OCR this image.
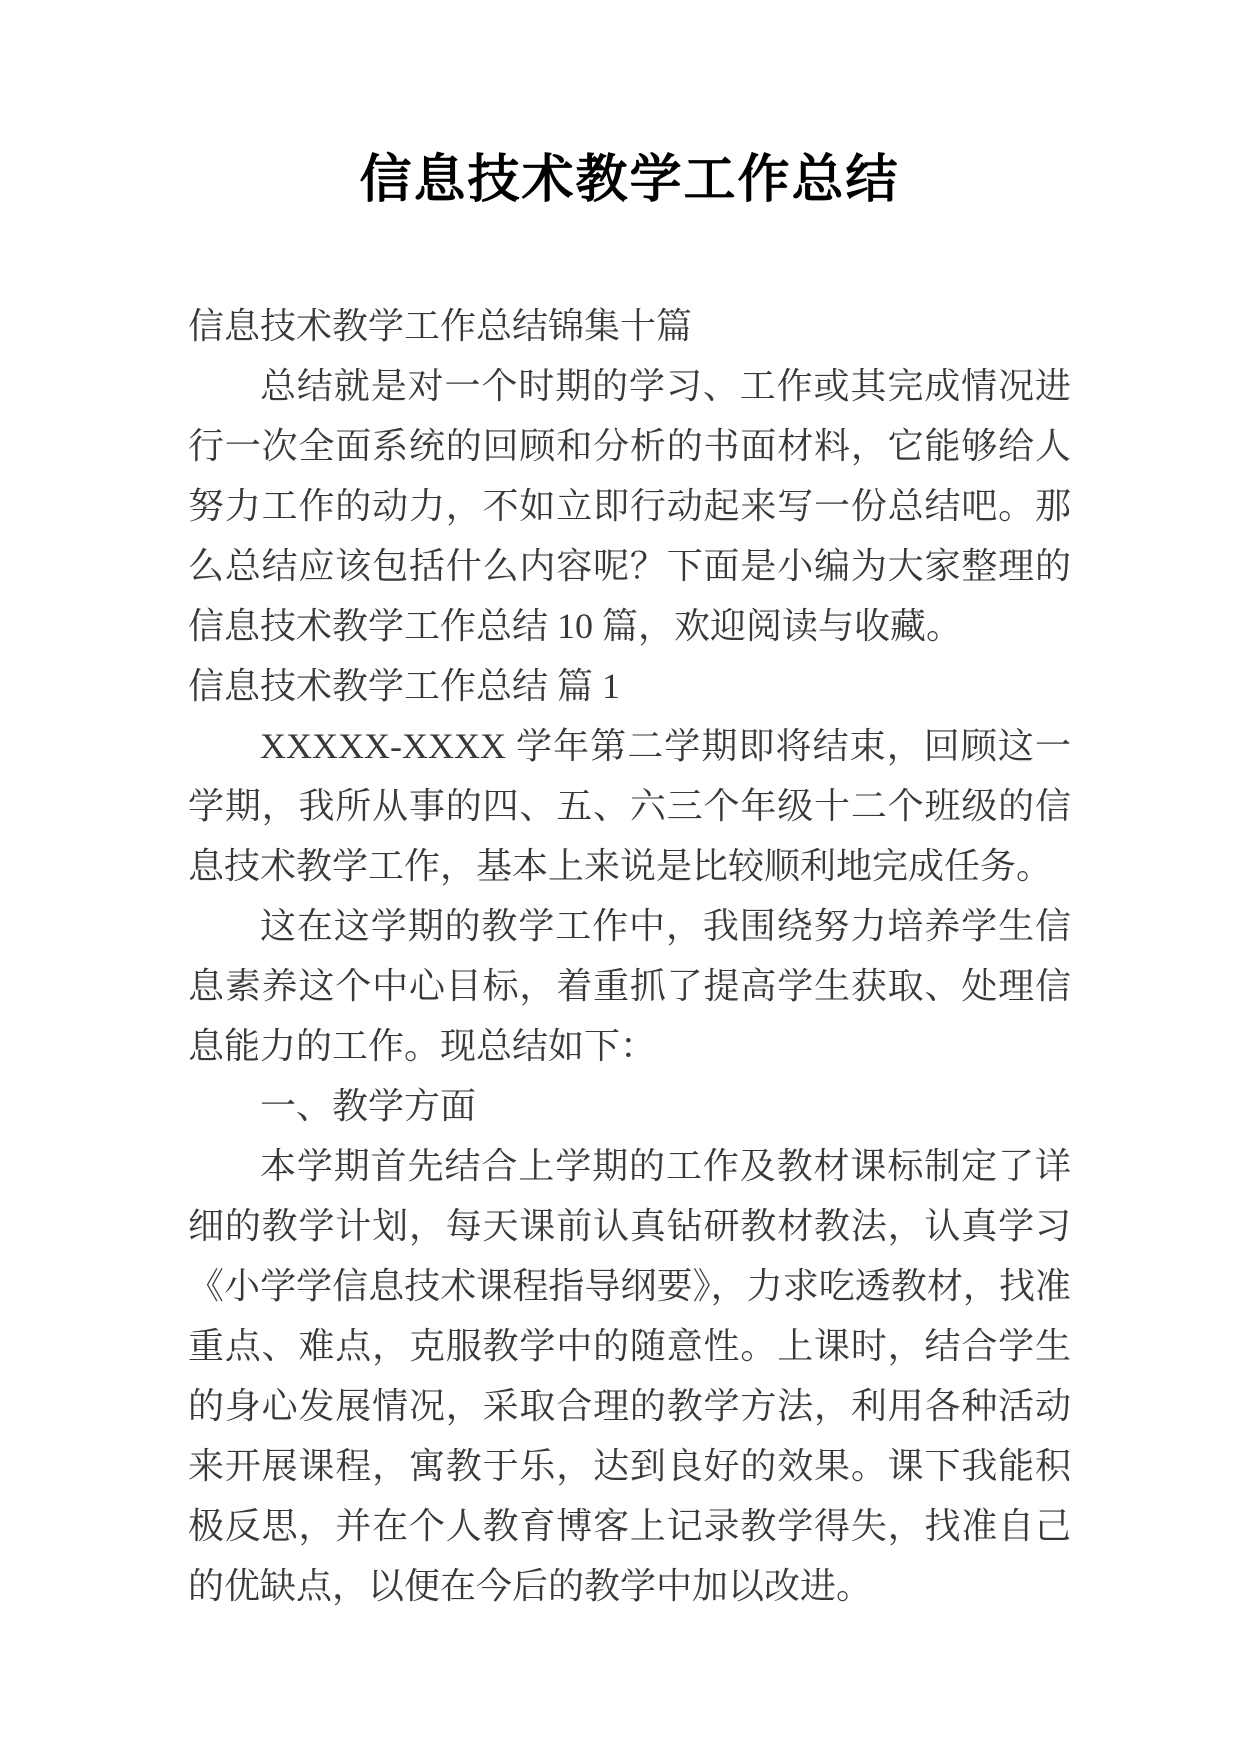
信息技术教学工作总结

信息技术教学工作总结锦集十篇

总结就是对一个时期的学习、工作或其完成情况进行一次全面系统的回顾和分析的书面材料，它能够给人努力工作的动力，不如立即行动起来写一份总结吧。那么总结应该包括什么内容呢？下面是小编为大家整理的信息技术教学工作总结 10 篇，欢迎阅读与收藏。

信息技术教学工作总结 篇 1

XXXXX-XXXX 学年第二学期即将结束，回顾这一学期，我所从事的四、五、六三个年级十二个班级的信息技术教学工作，基本上来说是比较顺利地完成任务。

这在这学期的教学工作中，我围绕努力培养学生信息素养这个中心目标，着重抓了提高学生获取、处理信息能力的工作。现总结如下：

一、教学方面

本学期首先结合上学期的工作及教材课标制定了详细的教学计划，每天课前认真钻研教材教法，认真学习《小学学信息技术课程指导纲要》，力求吃透教材，找准重点、难点，克服教学中的随意性。上课时，结合学生的身心发展情况，采取合理的教学方法，利用各种活动来开展课程，寓教于乐，达到良好的效果。课下我能积极反思，并在个人教育博客上记录教学得失，找准自己的优缺点，以便在今后的教学中加以改进。
